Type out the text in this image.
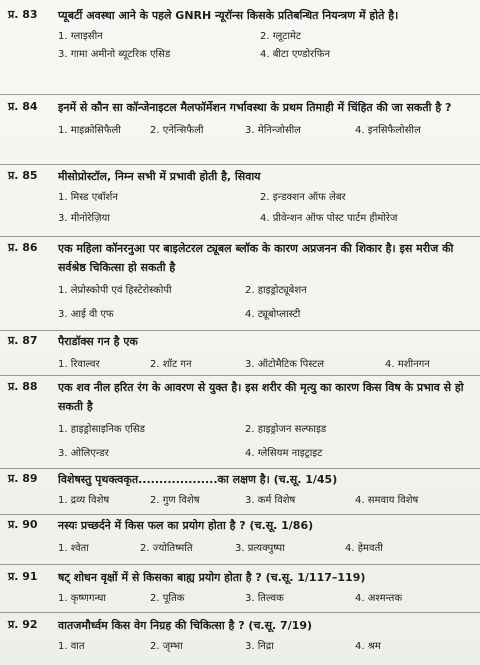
प्र. 83	प्यूबर्टी अवस्था आने के पहले GNRH न्यूरॉन्स किसके प्रतिबन्धित नियन्त्रण में होते है।
1. ग्लाइसीन	2. ग्लूटामेट
3. गामा अमीनो ब्यूटरिक एसिड	4. बीटा एण्डोरफिन
प्र. 84	इनमें से कौन सा कॉन्जेनाइटल मैलफॉर्मेशन गर्भावस्था के प्रथम तिमाही में चिंहित की जा सकती है ?
1. माइक्रोसिफैली	2. एनेन्सिफैली	3. मेनिन्जोसील	4. इनसिफैलोसील
प्र. 85	मीसोप्रोस्टॉल, निम्न सभी में प्रभावी होती है, सिवाय
1. मिस्ड एबॉर्शन	2. इन्डक्शन ऑफ लेबर
3. मीनोरेज़िया	4. प्रीवेन्शन ऑफ पोस्ट पार्टम हीमोरेज
प्र. 86	एक महिला कॉनरनुआ पर बाइलेटरल ट्यूबल ब्लॉक के कारण अप्रजनन की शिकार है। इस मरीज की सर्वश्रेष्ठ चिकित्सा हो सकती है
1. लेप्रोस्कोपी एवं हिस्टेरोस्कोपी	2. हाइड्रोट्यूबेशन
3. आई वी एफ	4. ट्यूबोप्लास्टी
प्र. 87	पैराडॉक्स गन है एक
1. रिवाल्वर	2. शॉट गन	3. ऑटोमैटिक पिस्टल	4. मशीनगन
प्र. 88	एक शव नील हरित रंग के आवरण से युक्त है। इस शरीर की मृत्यु का कारण किस विष के प्रभाव से हो सकती है
1. हाइड्रोसाइनिक एसिड	2. हाइड्रोजन सल्फाइड
3. ओलिएन्डर	4. ग्लेसियम नाइट्राइट
प्र. 89	विशेषस्तु पृथक्त्वकृत...................का लक्षण है। (च.सू. 1/45)
1. द्रव्य विशेष	2. गुण विशेष	3. कर्म विशेष	4. समवाय विशेष
प्र. 90	नस्यः प्रच्छर्दने में किस फल का प्रयोग होता है ? (च.सू. 1/86)
1. श्वेता	2. ज्योतिष्मति	3. प्रत्यक्पुष्पा	4. हेमवती
प्र. 91	षट् शोधन वृक्षों में से किसका बाह्य प्रयोग होता है ? (च.सू. 1/117–119)
1. कृष्णगन्धा	2. पूतिक	3. तिल्वक	4. अश्मन्तक
प्र. 92	वातजमौर्ध्वम किस वेग निग्रह की चिकित्सा है ? (च.सू. 7/19)
1. वात	2. जृम्भा	3. निद्रा	4. श्रम
